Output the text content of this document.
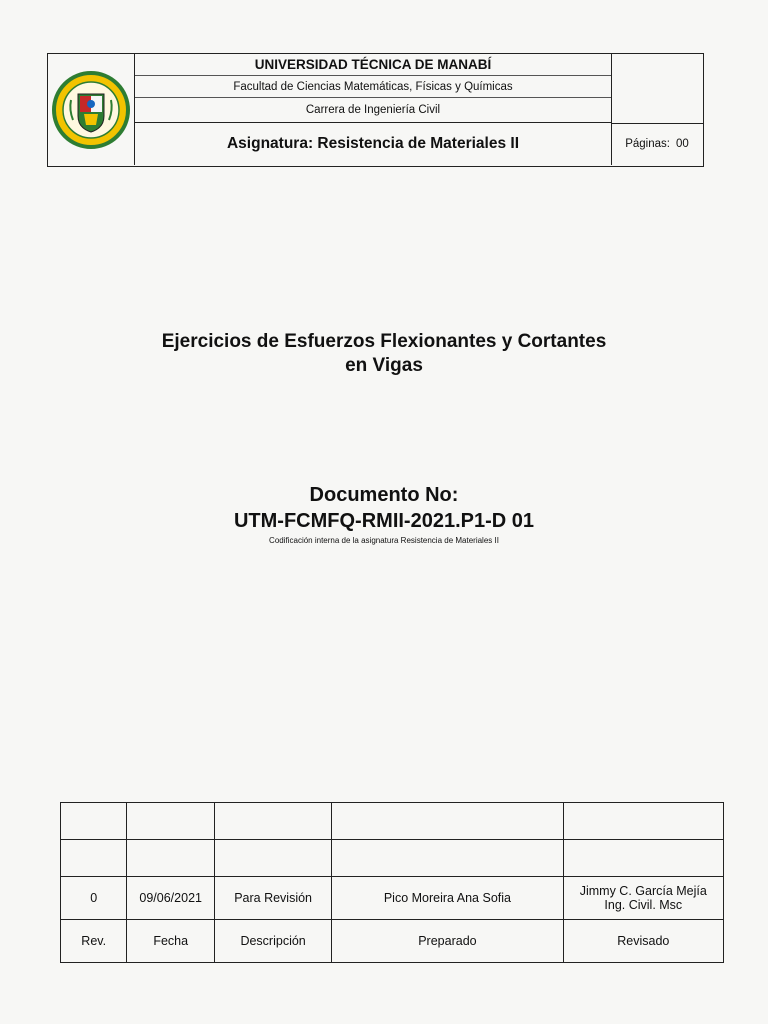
UNIVERSIDAD TÉCNICA DE MANABÍ
Facultad de Ciencias Matemáticas, Físicas y Químicas
Carrera de Ingeniería Civil
Asignatura: Resistencia de Materiales II	Páginas: 00
Ejercicios de Esfuerzos Flexionantes y Cortantes
en Vigas
Documento No:
UTM-FCMFQ-RMII-2021.P1-D 01
Codificación interna de la asignatura Resistencia de Materiales II

0	09/06/2021	Para Revisión	Pico Moreira Ana Sofia	Jimmy C. García Mejía
Ing. Civil. Msc

Rev.	Fecha	Descripción	Preparado	Revisado
